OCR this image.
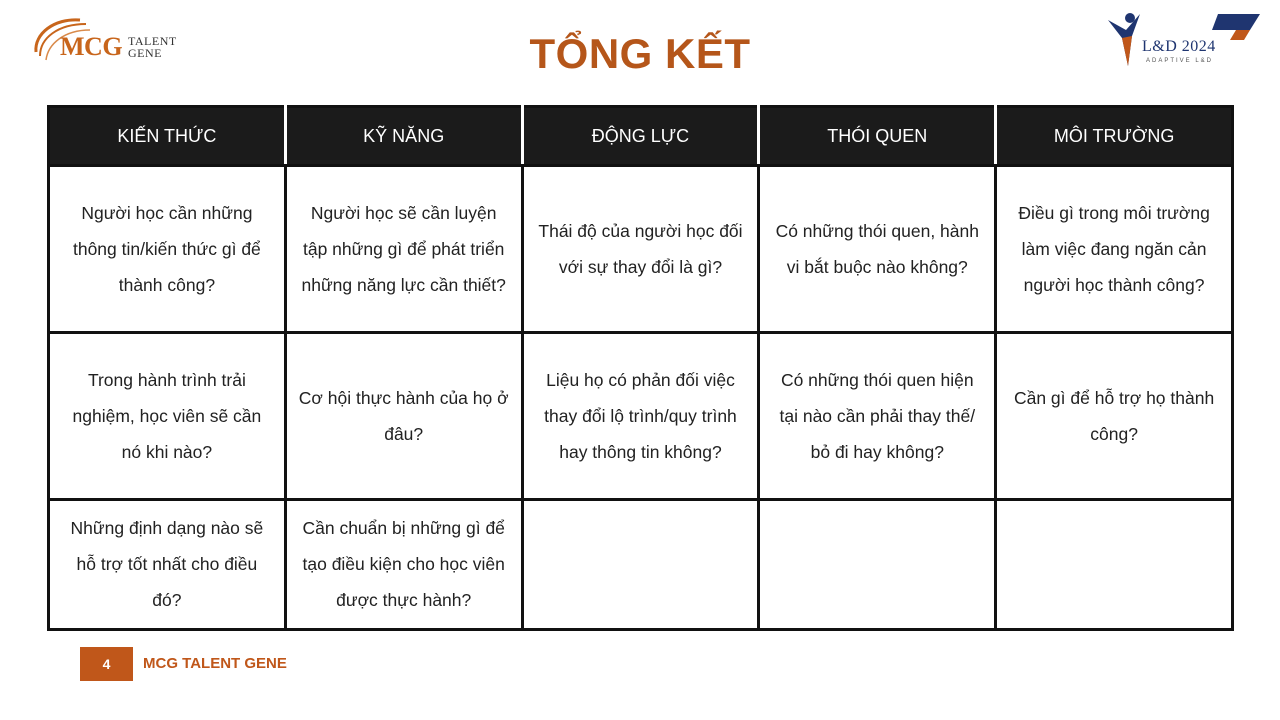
MCG TALENT
GENE	TỔNG KẾT	L&D 2024
ADAPTIVE L&D
KIẾN THỨC	KỸ NĂNG	ĐỘNG LỰC	THÓI QUEN	MÔI TRƯỜNG
Người học cần những thông tin/kiến thức gì để thành công?	Người học sẽ cần luyện tập những gì để phát triển những năng lực cần thiết?	Thái độ của người học đối với sự thay đổi là gì?	Có những thói quen, hành vi bắt buộc nào không?	Điều gì trong môi trường làm việc đang ngăn cản người học thành công?
Trong hành trình trải nghiệm, học viên sẽ cần nó khi nào?	Cơ hội thực hành của họ ở đâu?	Liệu họ có phản đối việc thay đổi lộ trình/quy trình hay thông tin không?	Có những thói quen hiện tại nào cần phải thay thế/ bỏ đi hay không?	Cần gì để hỗ trợ họ thành công?
Những định dạng nào sẽ hỗ trợ tốt nhất cho điều đó?	Cần chuẩn bị những gì để tạo điều kiện cho học viên được thực hành?			
4	MCG TALENT GENE
